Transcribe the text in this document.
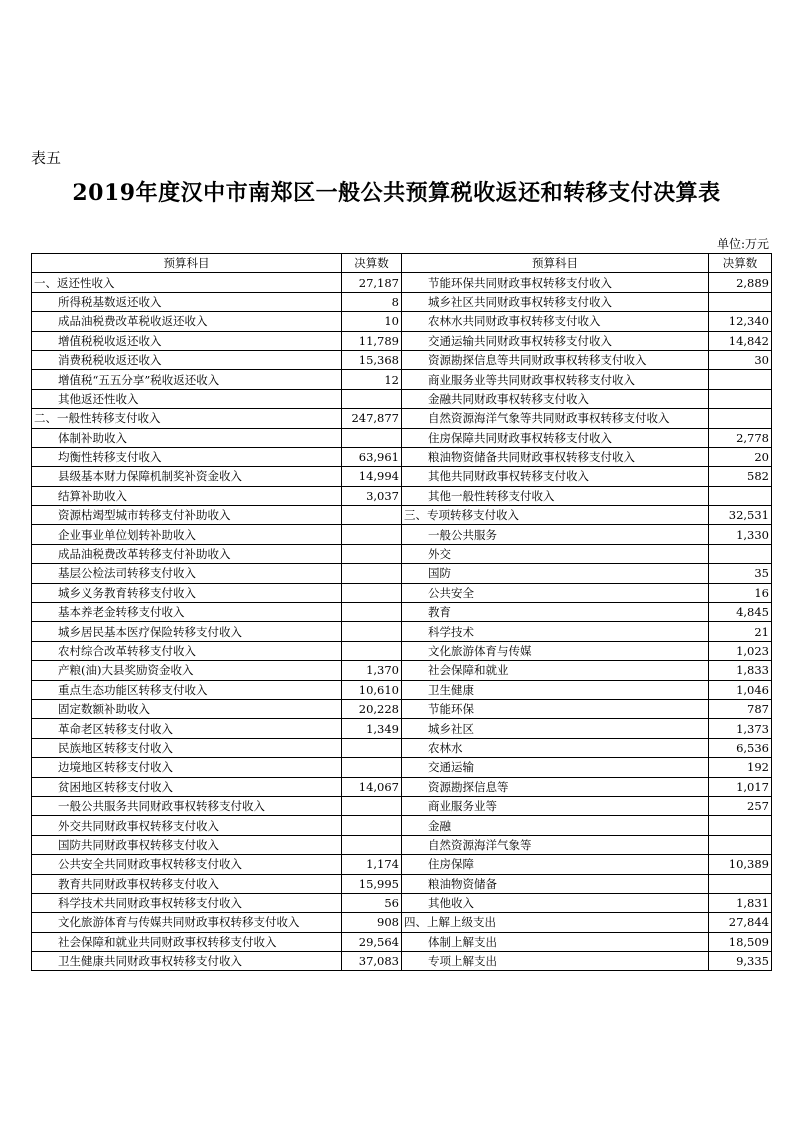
表五
2019年度汉中市南郑区一般公共预算税收返还和转移支付决算表
单位:万元
预算科目	决算数	预算科目	决算数
一、返还性收入	27,187	节能环保共同财政事权转移支付收入	2,889
所得税基数返还收入	8	城乡社区共同财政事权转移支付收入	
成品油税费改革税收返还收入	10	农林水共同财政事权转移支付收入	12,340
增值税税收返还收入	11,789	交通运输共同财政事权转移支付收入	14,842
消费税税收返还收入	15,368	资源勘探信息等共同财政事权转移支付收入	30
增值税“五五分享”税收返还收入	12	商业服务业等共同财政事权转移支付收入	
其他返还性收入		金融共同财政事权转移支付收入	
二、一般性转移支付收入	247,877	自然资源海洋气象等共同财政事权转移支付收入	
体制补助收入		住房保障共同财政事权转移支付收入	2,778
均衡性转移支付收入	63,961	粮油物资储备共同财政事权转移支付收入	20
县级基本财力保障机制奖补资金收入	14,994	其他共同财政事权转移支付收入	582
结算补助收入	3,037	其他一般性转移支付收入	
资源枯竭型城市转移支付补助收入		三、专项转移支付收入	32,531
企业事业单位划转补助收入		一般公共服务	1,330
成品油税费改革转移支付补助收入		外交	
基层公检法司转移支付收入		国防	35
城乡义务教育转移支付收入		公共安全	16
基本养老金转移支付收入		教育	4,845
城乡居民基本医疗保险转移支付收入		科学技术	21
农村综合改革转移支付收入		文化旅游体育与传媒	1,023
产粮(油)大县奖励资金收入	1,370	社会保障和就业	1,833
重点生态功能区转移支付收入	10,610	卫生健康	1,046
固定数额补助收入	20,228	节能环保	787
革命老区转移支付收入	1,349	城乡社区	1,373
民族地区转移支付收入		农林水	6,536
边境地区转移支付收入		交通运输	192
贫困地区转移支付收入	14,067	资源勘探信息等	1,017
一般公共服务共同财政事权转移支付收入		商业服务业等	257
外交共同财政事权转移支付收入		金融	
国防共同财政事权转移支付收入		自然资源海洋气象等	
公共安全共同财政事权转移支付收入	1,174	住房保障	10,389
教育共同财政事权转移支付收入	15,995	粮油物资储备	
科学技术共同财政事权转移支付收入	56	其他收入	1,831
文化旅游体育与传媒共同财政事权转移支付收入	908	四、上解上级支出	27,844
社会保障和就业共同财政事权转移支付收入	29,564	体制上解支出	18,509
卫生健康共同财政事权转移支付收入	37,083	专项上解支出	9,335
